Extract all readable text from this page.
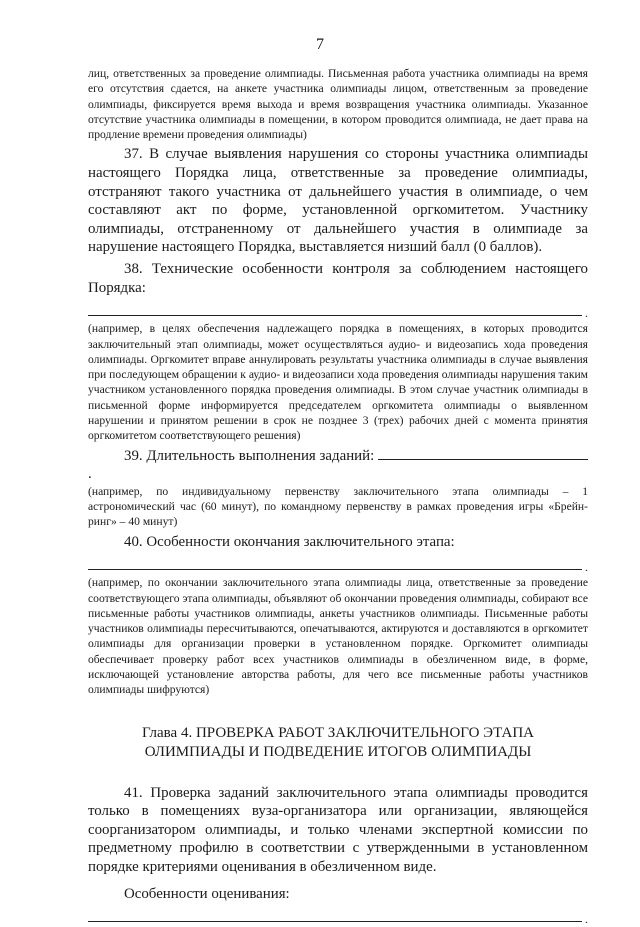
7

лиц, ответственных за проведение олимпиады. Письменная работа участника олимпиады на время его отсутствия сдается, на анкете участника олимпиады лицом, ответственным за проведение олимпиады, фиксируется время выхода и время возвращения участника олимпиады. Указанное отсутствие участника олимпиады в помещении, в котором проводится олимпиада, не дает права на продление времени проведения олимпиады)

37. В случае выявления нарушения со стороны участника олимпиады настоящего Порядка лица, ответственные за проведение олимпиады, отстраняют такого участника от дальнейшего участия в олимпиаде, о чем составляют акт по форме, установленной оргкомитетом. Участнику олимпиады, отстраненному от дальнейшего участия в олимпиаде за нарушение настоящего Порядка, выставляется низший балл (0 баллов).

38. Технические особенности контроля за соблюдением настоящего Порядка:

.

(например, в целях обеспечения надлежащего порядка в помещениях, в которых проводится заключительный этап олимпиады, может осуществляться аудио- и видеозапись хода проведения олимпиады. Оргкомитет вправе аннулировать результаты участника олимпиады в случае выявления при последующем обращении к аудио- и видеозаписи хода проведения олимпиады нарушения таким участником установленного порядка проведения олимпиады. В этом случае участник олимпиады в письменной форме информируется председателем оргкомитета олимпиады о выявленном нарушении и принятом решении в срок не позднее 3 (трех) рабочих дней с момента принятия оргкомитетом соответствующего решения)

39. Длительность выполнения заданий: .

(например, по индивидуальному первенству заключительного этапа олимпиады – 1 астрономический час (60 минут), по командному первенству в рамках проведения игры «Брейн-ринг» – 40 минут)

40. Особенности окончания заключительного этапа:

.

(например, по окончании заключительного этапа олимпиады лица, ответственные за проведение соответствующего этапа олимпиады, объявляют об окончании проведения олимпиады, собирают все письменные работы участников олимпиады, анкеты участников олимпиады. Письменные работы участников олимпиады пересчитываются, опечатываются, актируются и доставляются в оргкомитет олимпиады для организации проверки в установленном порядке. Оргкомитет олимпиады обеспечивает проверку работ всех участников олимпиады в обезличенном виде, в форме, исключающей установление авторства работы, для чего все письменные работы участников олимпиады шифруются)

Глава 4. ПРОВЕРКА РАБОТ ЗАКЛЮЧИТЕЛЬНОГО ЭТАПА
ОЛИМПИАДЫ И ПОДВЕДЕНИЕ ИТОГОВ ОЛИМПИАДЫ

41. Проверка заданий заключительного этапа олимпиады проводится только в помещениях вуза-организатора или организации, являющейся соорганизатором олимпиады, и только членами экспертной комиссии по предметному профилю в соответствии с утвержденными в установленном порядке критериями оценивания в обезличенном виде.

Особенности оценивания:

.
